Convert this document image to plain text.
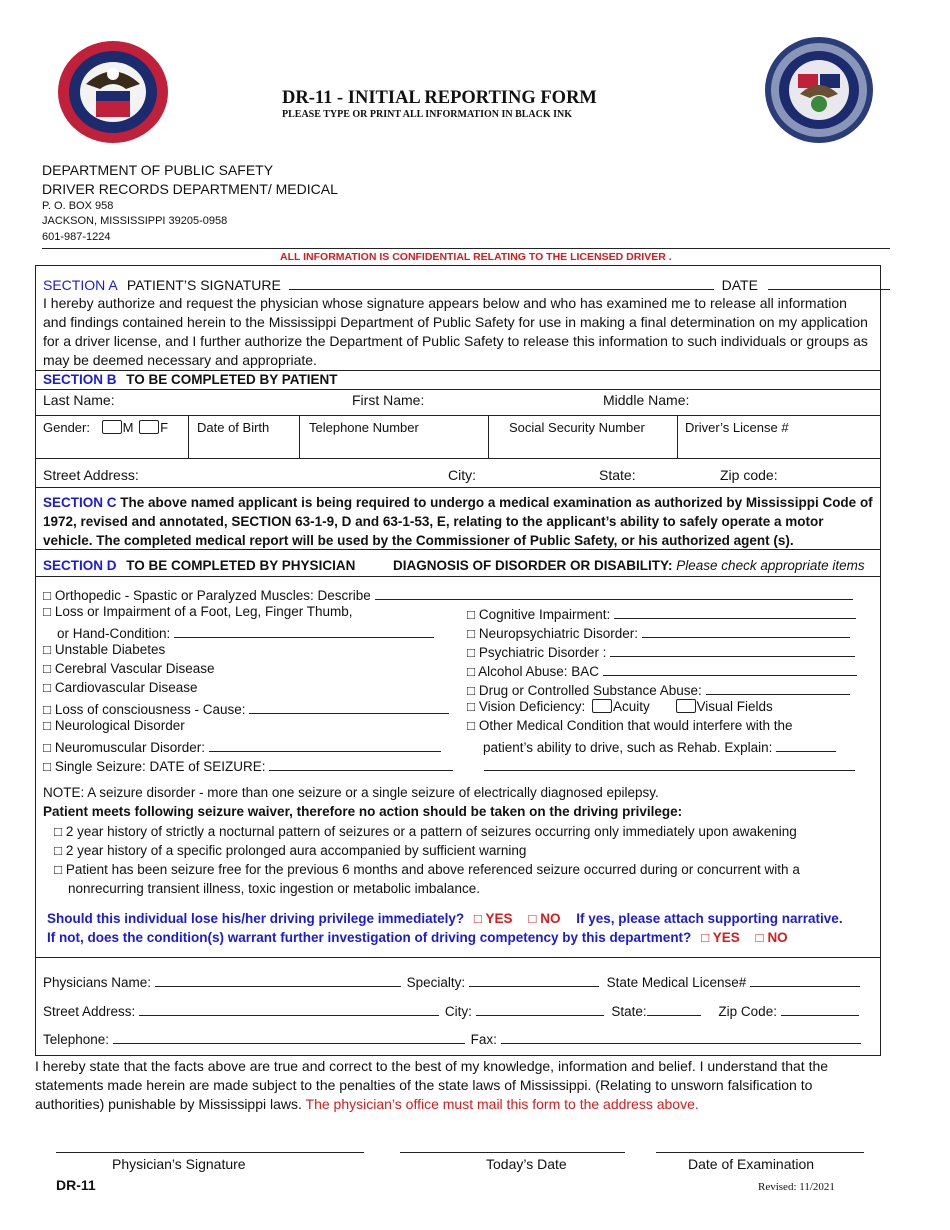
DR-11 - INITIAL REPORTING FORM
PLEASE TYPE OR PRINT ALL INFORMATION IN BLACK INK
DEPARTMENT OF PUBLIC SAFETY
DRIVER RECORDS DEPARTMENT/ MEDICAL
P. O. BOX 958
JACKSON, MISSISSIPPI 39205-0958
601-987-1224
ALL INFORMATION IS CONFIDENTIAL RELATING TO THE LICENSED DRIVER .
SECTION A PATIENT’S SIGNATURE	DATE
I hereby authorize and request the physician whose signature appears below and who has examined me to release all information and findings contained herein to the Mississippi Department of Public Safety for use in making a final determination on my application for a driver license, and I further authorize the Department of Public Safety to release this information to such individuals or groups as may be deemed necessary and appropriate.
SECTION B TO BE COMPLETED BY PATIENT
Last Name:	First Name:	Middle Name:
Gender:	M F Date of Birth	Telephone Number	Social Security Number	Driver’s License #
Street Address:	City:	State:	Zip code:
SECTION C The above named applicant is being required to undergo a medical examination as authorized by Mississippi Code of 1972, revised and annotated, SECTION 63-1-9, D and 63-1-53, E, relating to the applicant’s ability to safely operate a motor vehicle. The completed medical report will be used by the Commissioner of Public Safety, or his authorized agent (s).
SECTION D TO BE COMPLETED BY PHYSICIAN	DIAGNOSIS OF DISORDER OR DISABILITY: Please check appropriate items
□ Orthopedic - Spastic or Paralyzed Muscles: Describe
□ Loss or Impairment of a Foot, Leg, Finger Thumb,
or Hand-Condition:
□ Unstable Diabetes
□ Cerebral Vascular Disease
□ Cardiovascular Disease
□ Loss of consciousness - Cause:
□ Neurological Disorder
□ Neuromuscular Disorder:
□ Single Seizure: DATE of SEIZURE:
□ Cognitive Impairment:
□ Neuropsychiatric Disorder:
□ Psychiatric Disorder :
□ Alcohol Abuse: BAC
□ Drug or Controlled Substance Abuse:
□ Vision Deficiency: Acuity	Visual Fields
□ Other Medical Condition that would interfere with the
patient’s ability to drive, such as Rehab. Explain:
NOTE: A seizure disorder - more than one seizure or a single seizure of electrically diagnosed epilepsy.
Patient meets following seizure waiver, therefore no action should be taken on the driving privilege:
□ 2 year history of strictly a nocturnal pattern of seizures or a pattern of seizures occurring only immediately upon awakening
□ 2 year history of a specific prolonged aura accompanied by sufficient warning
□ Patient has been seizure free for the previous 6 months and above referenced seizure occurred during or concurrent with a
nonrecurring transient illness, toxic ingestion or metabolic imbalance.
Should this individual lose his/her driving privilege immediately? □ YES □ NO If yes, please attach supporting narrative.
If not, does the condition(s) warrant further investigation of driving competency by this department? □ YES □ NO
Physicians Name:	Specialty:	State Medical License#
Street Address:	City:	State:	Zip Code:
Telephone:	Fax:
I hereby state that the facts above are true and correct to the best of my knowledge, information and belief. I understand that the statements made herein are made subject to the penalties of the state laws of Mississippi. (Relating to unsworn falsification to authorities) punishable by Mississippi laws. The physician’s office must mail this form to the address above.
Physician’s Signature	Today’s Date	Date of Examination
DR-11	Revised: 11/2021
